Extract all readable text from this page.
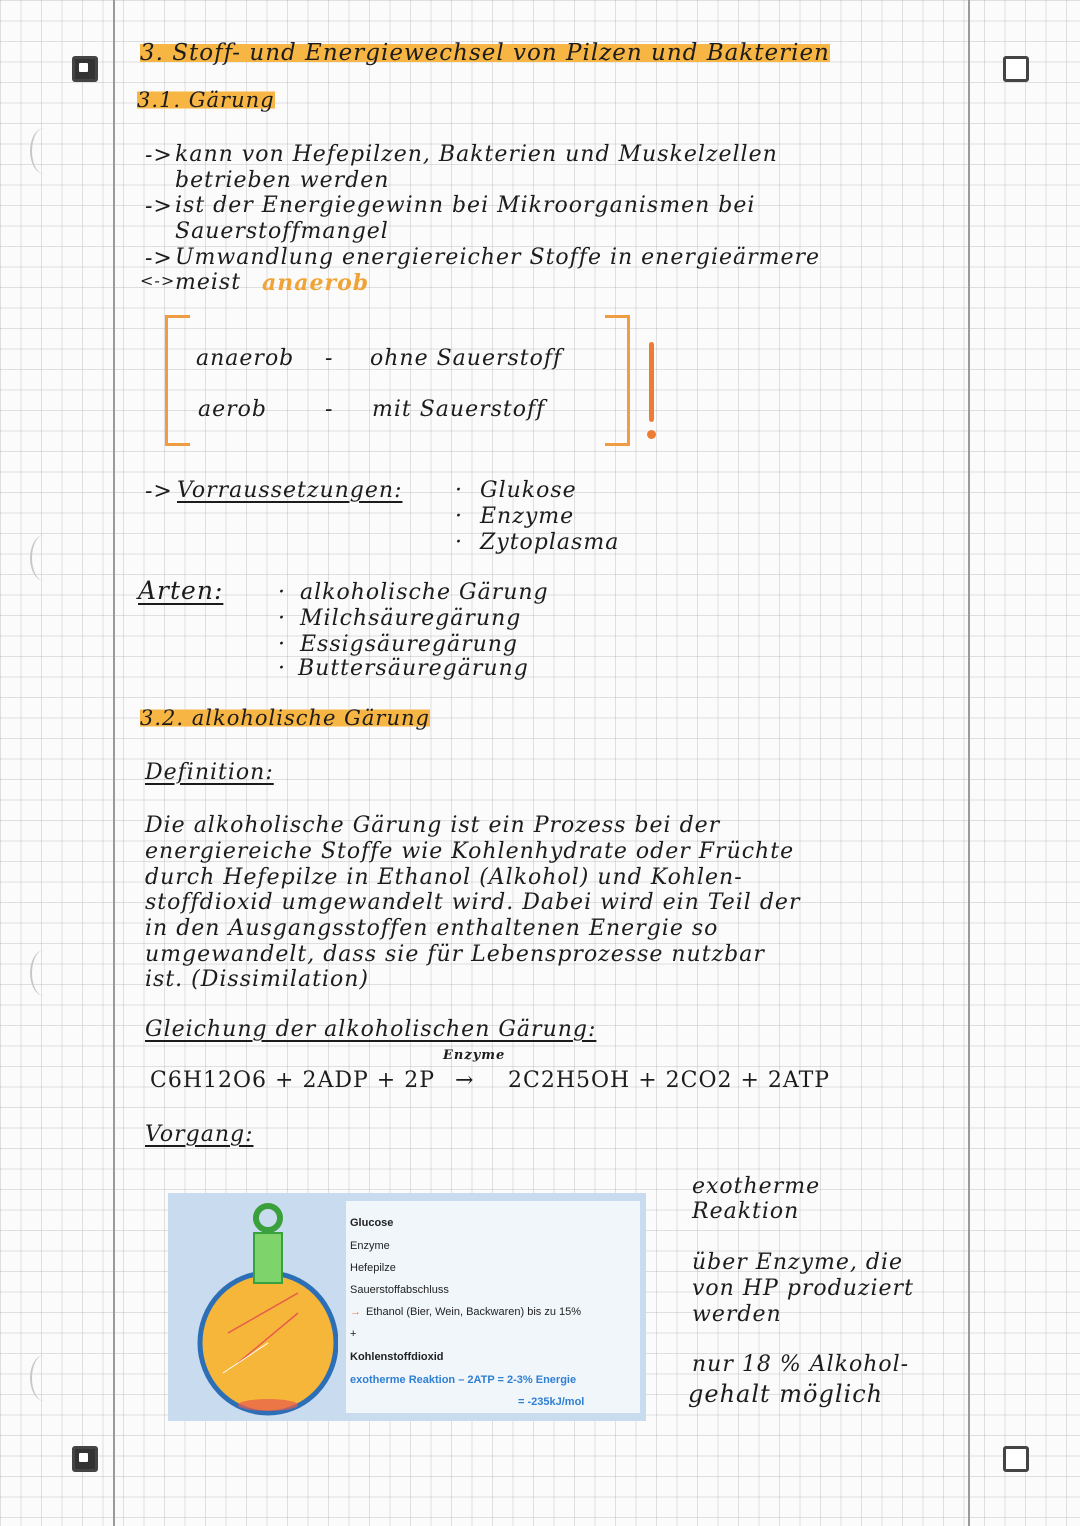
3. Stoff- und Energiewechsel von Pilzen und Bakterien
3.1. Gärung
-> kann von Hefepilzen, Bakterien und Muskelzellen
betrieben werden
-> ist der Energiegewinn bei Mikroorganismen bei
Sauerstoffmangel
-> Umwandlung energiereicher Stoffe in energieärmere
<-> meist anaerob
anaerob - ohne Sauerstoff
aerob	- mit Sauerstoff
-> Vorraussetzungen: · Glukose
· Enzyme
· Zytoplasma
Arten: · alkoholische Gärung
· Milchsäuregärung
· Essigsäuregärung
· Buttersäuregärung
3.2. alkoholische Gärung
Definition:
Die alkoholische Gärung ist ein Prozess bei der
energiereiche Stoffe wie Kohlenhydrate oder Früchte
durch Hefepilze in Ethanol (Alkohol) und Kohlen-
stoffdioxid umgewandelt wird. Dabei wird ein Teil der
in den Ausgangsstoffen enthaltenen Energie so
umgewandelt, dass sie für Lebensprozesse nutzbar
ist. (Dissimilation)
Gleichung der alkoholischen Gärung:
C6H12O6 + 2ADP + 2P
Enzyme
→ 2C2H5OH + 2CO2 + 2ATP
Vorgang:
Glucose
Enzyme
Hefepilze
Sauerstoffabschluss
→ Ethanol (Bier, Wein, Backwaren) bis zu 15%
+
Kohlenstoffdioxid
exotherme Reaktion – 2ATP = 2-3% Energie
= -235kJ/mol
exotherme
Reaktion
über Enzyme, die
von HP produziert
werden
nur 18 % Alkohol-
gehalt möglich
